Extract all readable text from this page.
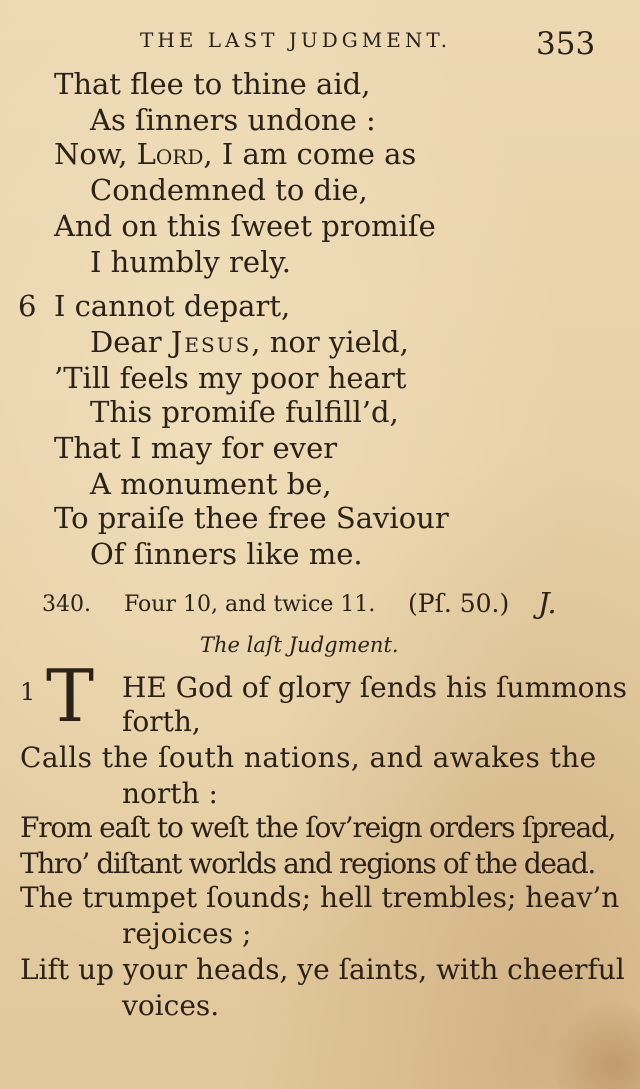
THE LAST JUDGMENT.	353
That flee to thine aid,
As ſinners undone :
Now, Lord, I am come as
Condemned to die,
And on this ſweet promiſe
I humbly rely.
6 I cannot depart,
Dear Jesus, nor yield,
’Till feels my poor heart
This promiſe fulfill’d,
That I may for ever
A monument be,
To praiſe thee free Saviour
Of ſinners like me.
340. Four 10, and twice 11. (Pſ. 50.) J.
The laſt Judgment.
1 T HE God of glory ſends his ſummons
forth,
Calls the ſouth nations, and awakes the
north :
From eaſt to weſt the ſov’reign orders ſpread,
Thro’ diſtant worlds and regions of the dead.
The trumpet ſounds; hell trembles; heav’n
rejoices ;
Lift up your heads, ye ſaints, with cheerful
voices.
